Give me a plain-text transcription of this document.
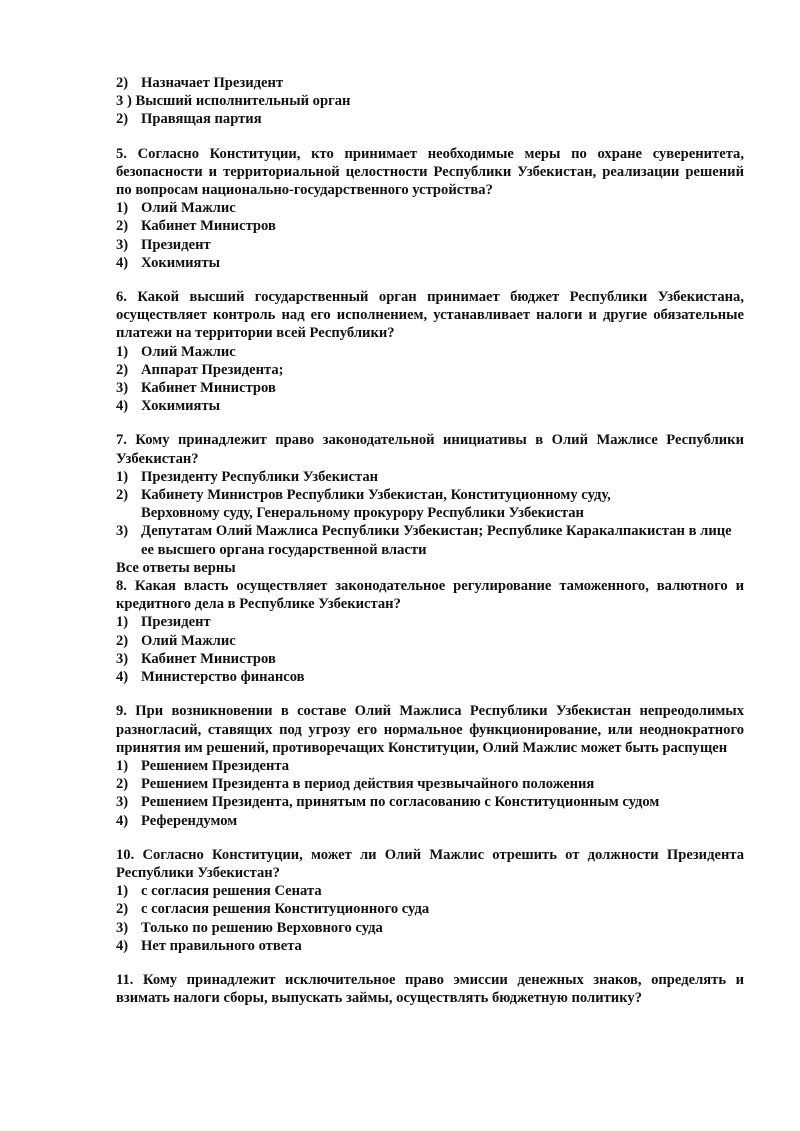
2) Назначает Президент
3 ) Высший исполнительный орган
2) Правящая партия
5. Согласно Конституции, кто принимает необходимые меры по охране суверенитета, безопасности и территориальной целостности Республики Узбекистан, реализации решений по вопросам национально-государственного устройства?
1) Олий Мажлис
2) Кабинет Министров
3) Президент
4) Хокимияты
6. Какой высший государственный орган принимает бюджет Республики Узбекистана, осуществляет контроль над его исполнением, устанавливает налоги и другие обязательные платежи на территории всей Республики?
1) Олий Мажлис
2) Аппарат Президента;
3) Кабинет Министров
4) Хокимияты
7. Кому принадлежит право законодательной инициативы в Олий Мажлисе Республики Узбекистан?
1) Президенту Республики Узбекистан
2) Кабинету Министров Республики Узбекистан, Конституционному суду, Верховному суду, Генеральному прокурору Республики Узбекистан
3) Депутатам Олий Мажлиса Республики Узбекистан; Республике Каракалпакистан в лице ее высшего органа государственной власти
Все ответы верны
8. Какая власть осуществляет законодательное регулирование таможенного, валютного и кредитного дела в Республике Узбекистан?
1) Президент
2) Олий Мажлис
3) Кабинет Министров
4) Министерство финансов
9. При возникновении в составе Олий Мажлиса Республики Узбекистан непреодолимых разногласий, ставящих под угрозу его нормальное функционирование, или неоднократного принятия им решений, противоречащих Конституции, Олий Мажлис может быть распущен
1) Решением Президента
2) Решением Президента в период действия чрезвычайного положения
3) Решением Президента, принятым по согласованию с Конституционным судом
4) Референдумом
10. Согласно Конституции, может ли Олий Мажлис отрешить от должности Президента Республики Узбекистан?
1) с согласия решения Сената
2) с согласия решения Конституционного суда
3) Только по решению Верховного суда
4) Нет правильного ответа
11. Кому принадлежит исключительное право эмиссии денежных знаков, определять и взимать налоги сборы, выпускать займы, осуществлять бюджетную политику?
